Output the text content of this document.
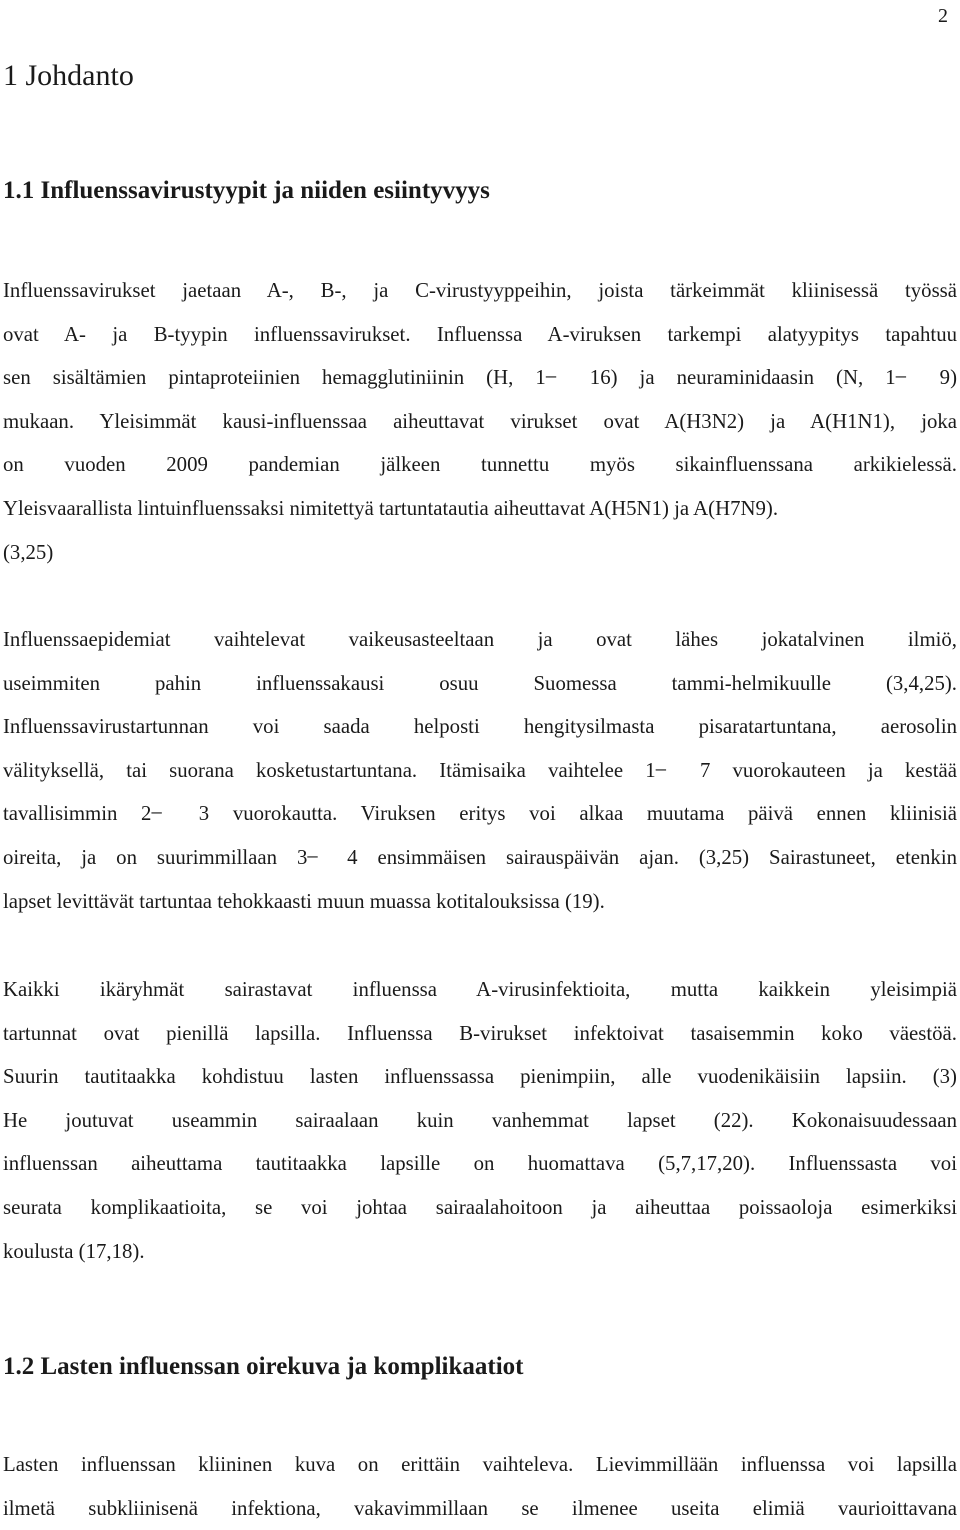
2
1 Johdanto
1.1 Influenssavirustyypit ja niiden esiintyvyys
Influenssavirukset jaetaan A-, B-, ja C-virustyyppeihin, joista tärkeimmät kliinisessä työssä
ovat A- ja B-tyypin influenssavirukset. Influenssa A-viruksen tarkempi alatyypitys tapahtuu
sen sisältämien pintaproteiinien hemagglutiniinin (H, 1 ̶ 16) ja neuraminidaasin (N, 1 ̶ 9)
mukaan. Yleisimmät kausi-influenssaa aiheuttavat virukset ovat A(H3N2) ja A(H1N1), joka
on vuoden 2009 pandemian jälkeen tunnettu myös sikainfluenssana arkikielessä.
Yleisvaarallista lintuinfluenssaksi nimitettyä tartuntatautia aiheuttavat A(H5N1) ja A(H7N9).
(3,25)
Influenssaepidemiat vaihtelevat vaikeusasteeltaan ja ovat lähes jokatalvinen ilmiö,
useimmiten pahin influenssakausi osuu Suomessa tammi-helmikuulle (3,4,25).
Influenssavirustartunnan voi saada helposti hengitysilmasta pisaratartuntana, aerosolin
välityksellä, tai suorana kosketustartuntana. Itämisaika vaihtelee 1 ̶ 7 vuorokauteen ja kestää
tavallisimmin 2 ̶ 3 vuorokautta. Viruksen eritys voi alkaa muutama päivä ennen kliinisiä
oireita, ja on suurimmillaan 3 ̶ 4 ensimmäisen sairauspäivän ajan. (3,25) Sairastuneet, etenkin
lapset levittävät tartuntaa tehokkaasti muun muassa kotitalouksissa (19).
Kaikki ikäryhmät sairastavat influenssa A-virusinfektioita, mutta kaikkein yleisimpiä
tartunnat ovat pienillä lapsilla. Influenssa B-virukset infektoivat tasaisemmin koko väestöä.
Suurin tautitaakka kohdistuu lasten influenssassa pienimpiin, alle vuodenikäisiin lapsiin. (3)
He joutuvat useammin sairaalaan kuin vanhemmat lapset (22). Kokonaisuudessaan
influenssan aiheuttama tautitaakka lapsille on huomattava (5,7,17,20). Influenssasta voi
seurata komplikaatioita, se voi johtaa sairaalahoitoon ja aiheuttaa poissaoloja esimerkiksi
koulusta (17,18).
1.2 Lasten influenssan oirekuva ja komplikaatiot
Lasten influenssan kliininen kuva on erittäin vaihteleva. Lievimmillään influenssa voi lapsilla
ilmetä subkliinisenä infektiona, vakavimmillaan se ilmenee useita elimiä vaurioittavana
